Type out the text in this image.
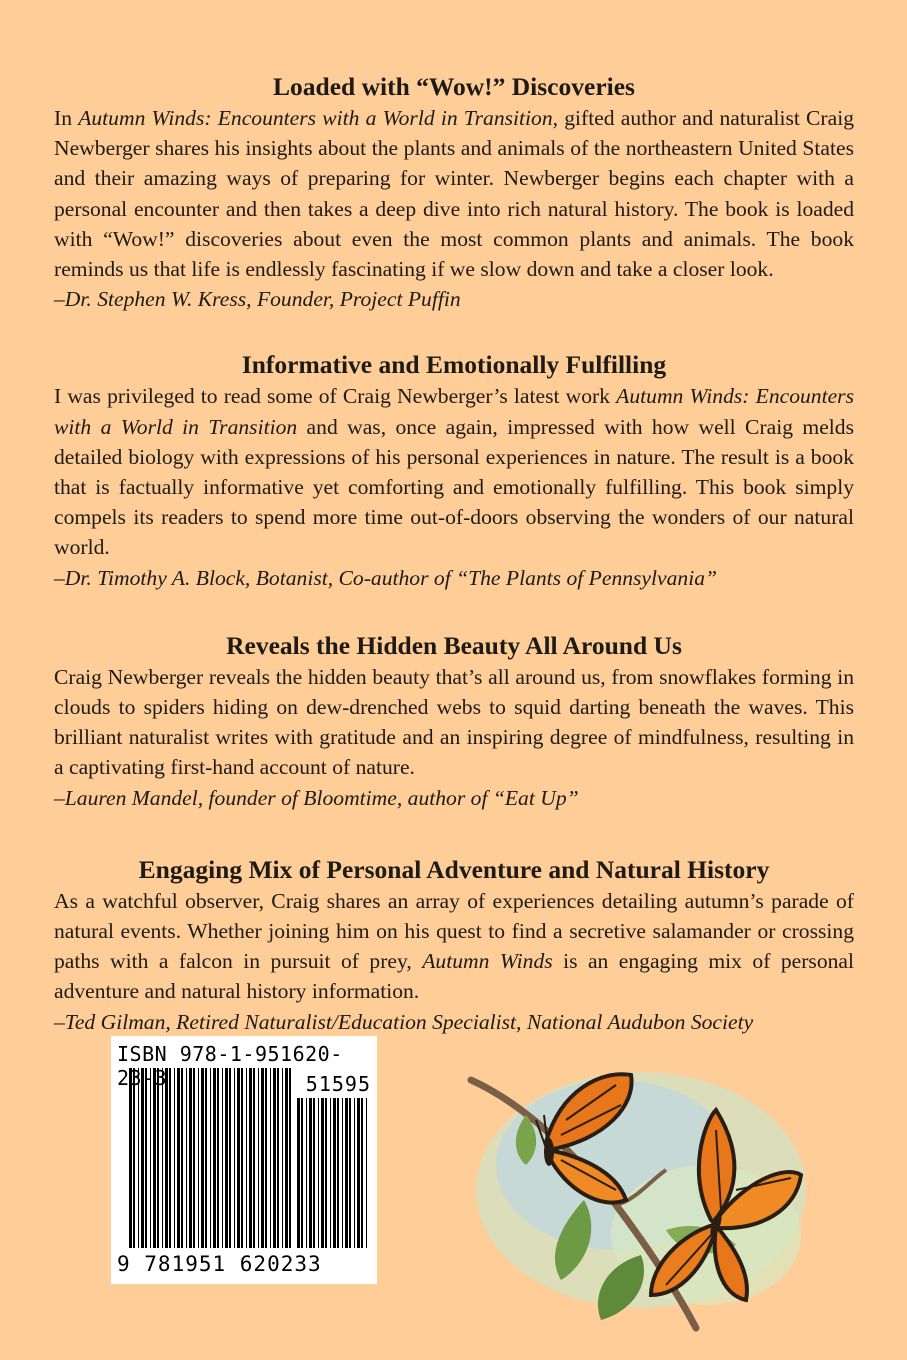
Loaded with “Wow!” Discoveries

In Autumn Winds: Encounters with a World in Transition, gifted author and naturalist Craig Newberger shares his insights about the plants and animals of the northeastern United States and their amazing ways of preparing for winter. Newberger begins each chapter with a personal encounter and then takes a deep dive into rich natural history. The book is loaded with “Wow!” discoveries about even the most common plants and animals. The book reminds us that life is endlessly fascinating if we slow down and take a closer look.

–Dr. Stephen W. Kress, Founder, Project Puffin

Informative and Emotionally Fulfilling

I was privileged to read some of Craig Newberger’s latest work Autumn Winds: Encounters with a World in Transition and was, once again, impressed with how well Craig melds detailed biology with expressions of his personal experiences in nature. The result is a book that is factually informative yet comforting and emotionally fulfilling. This book simply compels its readers to spend more time out-of-doors observing the wonders of our natural world.

–Dr. Timothy A. Block, Botanist, Co-author of “The Plants of Pennsylvania”

Reveals the Hidden Beauty All Around Us

Craig Newberger reveals the hidden beauty that’s all around us, from snowflakes forming in clouds to spiders hiding on dew-drenched webs to squid darting beneath the waves. This brilliant naturalist writes with gratitude and an inspiring degree of mindfulness, resulting in a captivating first-hand account of nature.

–Lauren Mandel, founder of Bloomtime, author of “Eat Up”

Engaging Mix of Personal Adventure and Natural History

As a watchful observer, Craig shares an array of experiences detailing autumn’s parade of natural events. Whether joining him on his quest to find a secretive salamander or crossing paths with a falcon in pursuit of prey, Autumn Winds is an engaging mix of personal adventure and natural history information.

–Ted Gilman, Retired Naturalist/Education Specialist, National Audubon Society

ISBN 978-1-951620-23-3	51595
9 781951 620233
